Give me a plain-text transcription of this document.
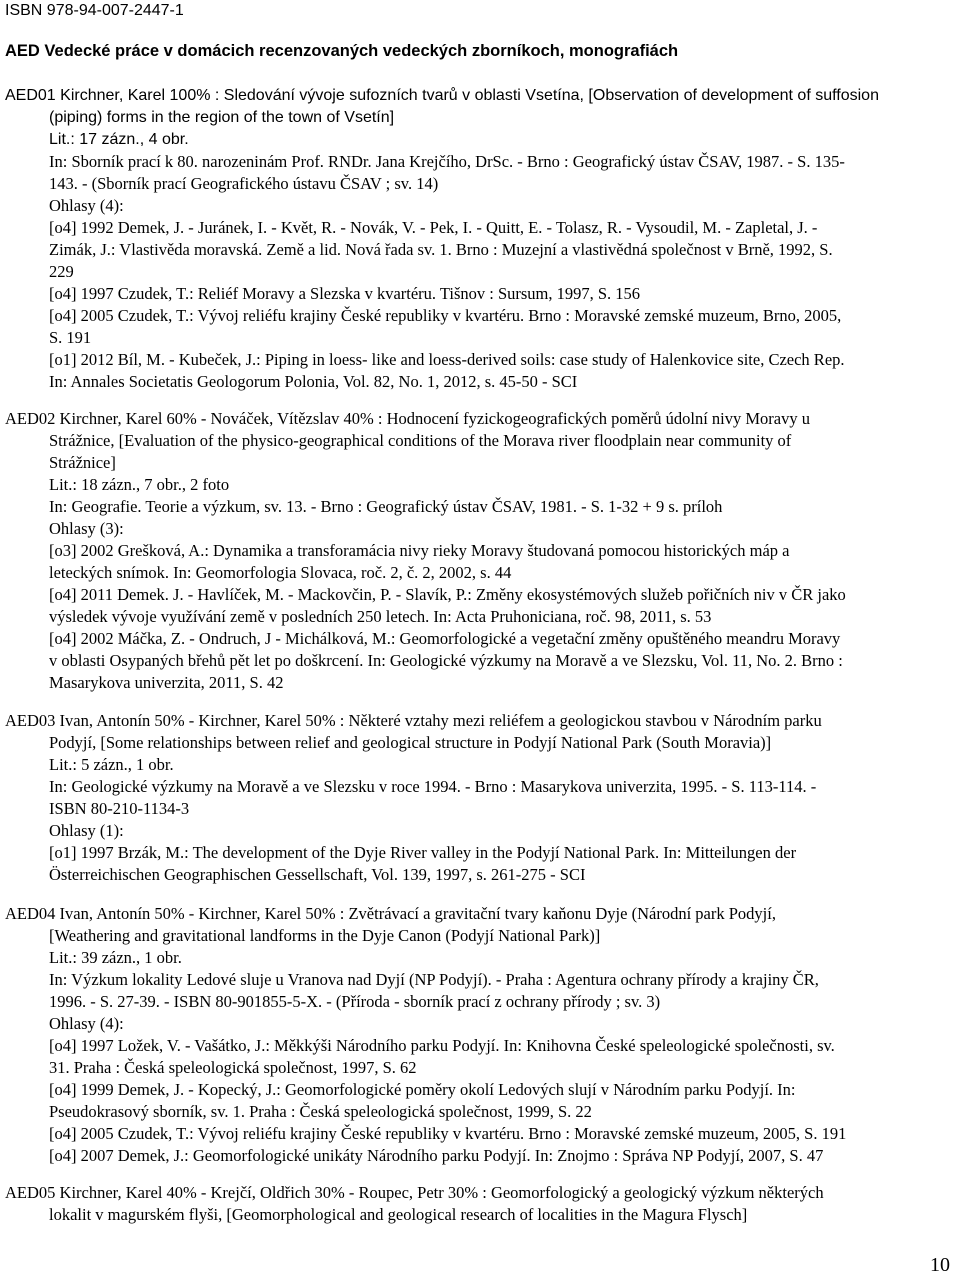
ISBN 978-94-007-2447-1
AED Vedecké práce v domácich recenzovaných vedeckých zborníkoch, monografiách
AED01 Kirchner, Karel 100% : Sledování vývoje sufozních tvarů v oblasti Vsetína, [Observation of development of suffosion
(piping) forms in the region of the town of Vsetín]
Lit.: 17 zázn., 4 obr.
In: Sborník prací k 80. narozeninám Prof. RNDr. Jana Krejčího, DrSc. - Brno : Geografický ústav ČSAV, 1987. - S. 135-
143. - (Sborník prací Geografického ústavu ČSAV ; sv. 14)
Ohlasy (4):
[o4] 1992 Demek, J. - Juránek, I. - Květ, R. - Novák, V. - Pek, I. - Quitt, E. - Tolasz, R. - Vysoudil, M. - Zapletal, J. -
Zimák, J.: Vlastivěda moravská. Země a lid. Nová řada sv. 1. Brno : Muzejní a vlastivědná společnost v Brně, 1992, S.
229
[o4] 1997 Czudek, T.: Reliéf Moravy a Slezska v kvartéru. Tišnov : Sursum, 1997, S. 156
[o4] 2005 Czudek, T.: Vývoj reliéfu krajiny České republiky v kvartéru. Brno : Moravské zemské muzeum, Brno, 2005,
S. 191
[o1] 2012 Bíl, M. - Kubeček, J.: Piping in loess- like and loess-derived soils: case study of Halenkovice site, Czech Rep.
In: Annales Societatis Geologorum Polonia, Vol. 82, No. 1, 2012, s. 45-50 - SCI
AED02 Kirchner, Karel 60% - Nováček, Vítězslav 40% : Hodnocení fyzickogeografických poměrů údolní nivy Moravy u
Strážnice, [Evaluation of the physico-geographical conditions of the Morava river floodplain near community of
Strážnice]
Lit.: 18 zázn., 7 obr., 2 foto
In: Geografie. Teorie a výzkum, sv. 13. - Brno : Geografický ústav ČSAV, 1981. - S. 1-32 + 9 s. príloh
Ohlasy (3):
[o3] 2002 Grešková, A.: Dynamika a transforamácia nivy rieky Moravy študovaná pomocou historických máp a
leteckých snímok. In: Geomorfologia Slovaca, roč. 2, č. 2, 2002, s. 44
[o4] 2011 Demek. J. - Havlíček, M. - Mackovčin, P. - Slavík, P.: Změny ekosystémových služeb pořičních niv v ČR jako
výsledek vývoje využívání země v posledních 250 letech. In: Acta Pruhoniciana, roč. 98, 2011, s. 53
[o4] 2002 Máčka, Z. - Ondruch, J - Michálková, M.: Geomorfologické a vegetační změny opuštěného meandru Moravy
v oblasti Osypaných břehů pět let po doškrcení. In: Geologické výzkumy na Moravě a ve Slezsku, Vol. 11, No. 2. Brno :
Masarykova univerzita, 2011, S. 42
AED03 Ivan, Antonín 50% - Kirchner, Karel 50% : Některé vztahy mezi reliéfem a geologickou stavbou v Národním parku
Podyjí, [Some relationships between relief and geological structure in Podyjí National Park (South Moravia)]
Lit.: 5 zázn., 1 obr.
In: Geologické výzkumy na Moravě a ve Slezsku v roce 1994. - Brno : Masarykova univerzita, 1995. - S. 113-114. -
ISBN 80-210-1134-3
Ohlasy (1):
[o1] 1997 Brzák, M.: The development of the Dyje River valley in the Podyjí National Park. In: Mitteilungen der
Österreichischen Geographischen Gessellschaft, Vol. 139, 1997, s. 261-275 - SCI
AED04 Ivan, Antonín 50% - Kirchner, Karel 50% : Zvětrávací a gravitační tvary kaňonu Dyje (Národní park Podyjí,
[Weathering and gravitational landforms in the Dyje Canon (Podyjí National Park)]
Lit.: 39 zázn., 1 obr.
In: Výzkum lokality Ledové sluje u Vranova nad Dyjí (NP Podyjí). - Praha : Agentura ochrany přírody a krajiny ČR,
1996. - S. 27-39. - ISBN 80-901855-5-X. - (Příroda - sborník prací z ochrany přírody ; sv. 3)
Ohlasy (4):
[o4] 1997 Ložek, V. - Vašátko, J.: Měkkýši Národního parku Podyjí. In: Knihovna České speleologické společnosti, sv.
31. Praha : Česká speleologická společnost, 1997, S. 62
[o4] 1999 Demek, J. - Kopecký, J.: Geomorfologické poměry okolí Ledových slují v Národním parku Podyjí. In:
Pseudokrasový sborník, sv. 1. Praha : Česká speleologická společnost, 1999, S. 22
[o4] 2005 Czudek, T.: Vývoj reliéfu krajiny České republiky v kvartéru. Brno : Moravské zemské muzeum, 2005, S. 191
[o4] 2007 Demek, J.: Geomorfologické unikáty Národního parku Podyjí. In: Znojmo : Správa NP Podyjí, 2007, S. 47
AED05 Kirchner, Karel 40% - Krejčí, Oldřich 30% - Roupec, Petr 30% : Geomorfologický a geologický výzkum některých
lokalit v magurském flyši, [Geomorphological and geological research of localities in the Magura Flysch]
10
